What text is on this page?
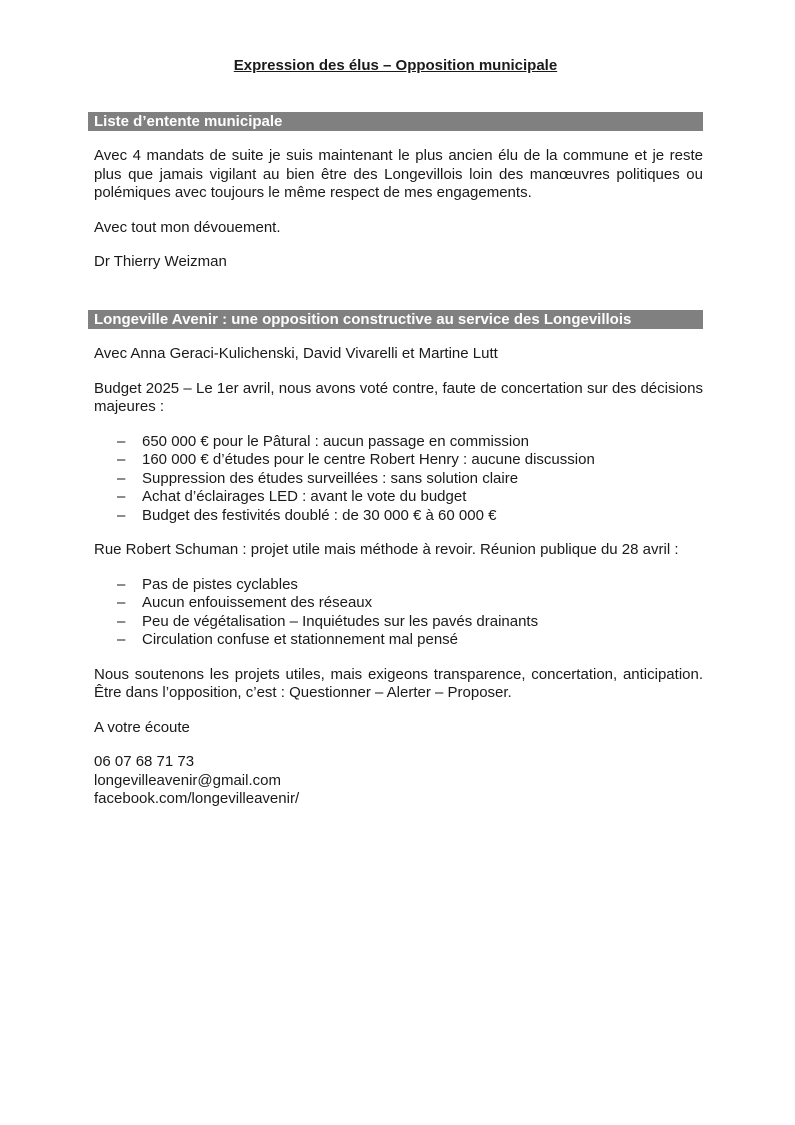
Expression des élus – Opposition municipale
Liste d’entente municipale

Avec 4 mandats de suite je suis maintenant le plus ancien élu de la commune et je reste plus que jamais vigilant au bien être des Longevillois loin des manœuvres politiques ou polémiques avec toujours le même respect de mes engagements.

Avec tout mon dévouement.

Dr Thierry Weizman

Longeville Avenir : une opposition constructive au service des Longevillois

Avec Anna Geraci-Kulichenski, David Vivarelli et Martine Lutt

Budget 2025 – Le 1er avril, nous avons voté contre, faute de concertation sur des décisions majeures :

– 650 000 € pour le Pâtural : aucun passage en commission
– 160 000 € d’études pour le centre Robert Henry : aucune discussion
– Suppression des études surveillées : sans solution claire
– Achat d’éclairages LED : avant le vote du budget
– Budget des festivités doublé : de 30 000 € à 60 000 €

Rue Robert Schuman : projet utile mais méthode à revoir. Réunion publique du 28 avril :

– Pas de pistes cyclables
– Aucun enfouissement des réseaux
– Peu de végétalisation – Inquiétudes sur les pavés drainants
– Circulation confuse et stationnement mal pensé
Nous soutenons les projets utiles, mais exigeons transparence, concertation, anticipation.
Être dans l’opposition, c’est : Questionner – Alerter – Proposer.

A votre écoute

06 07 68 71 73
longevilleavenir@gmail.com
facebook.com/longevilleavenir/
